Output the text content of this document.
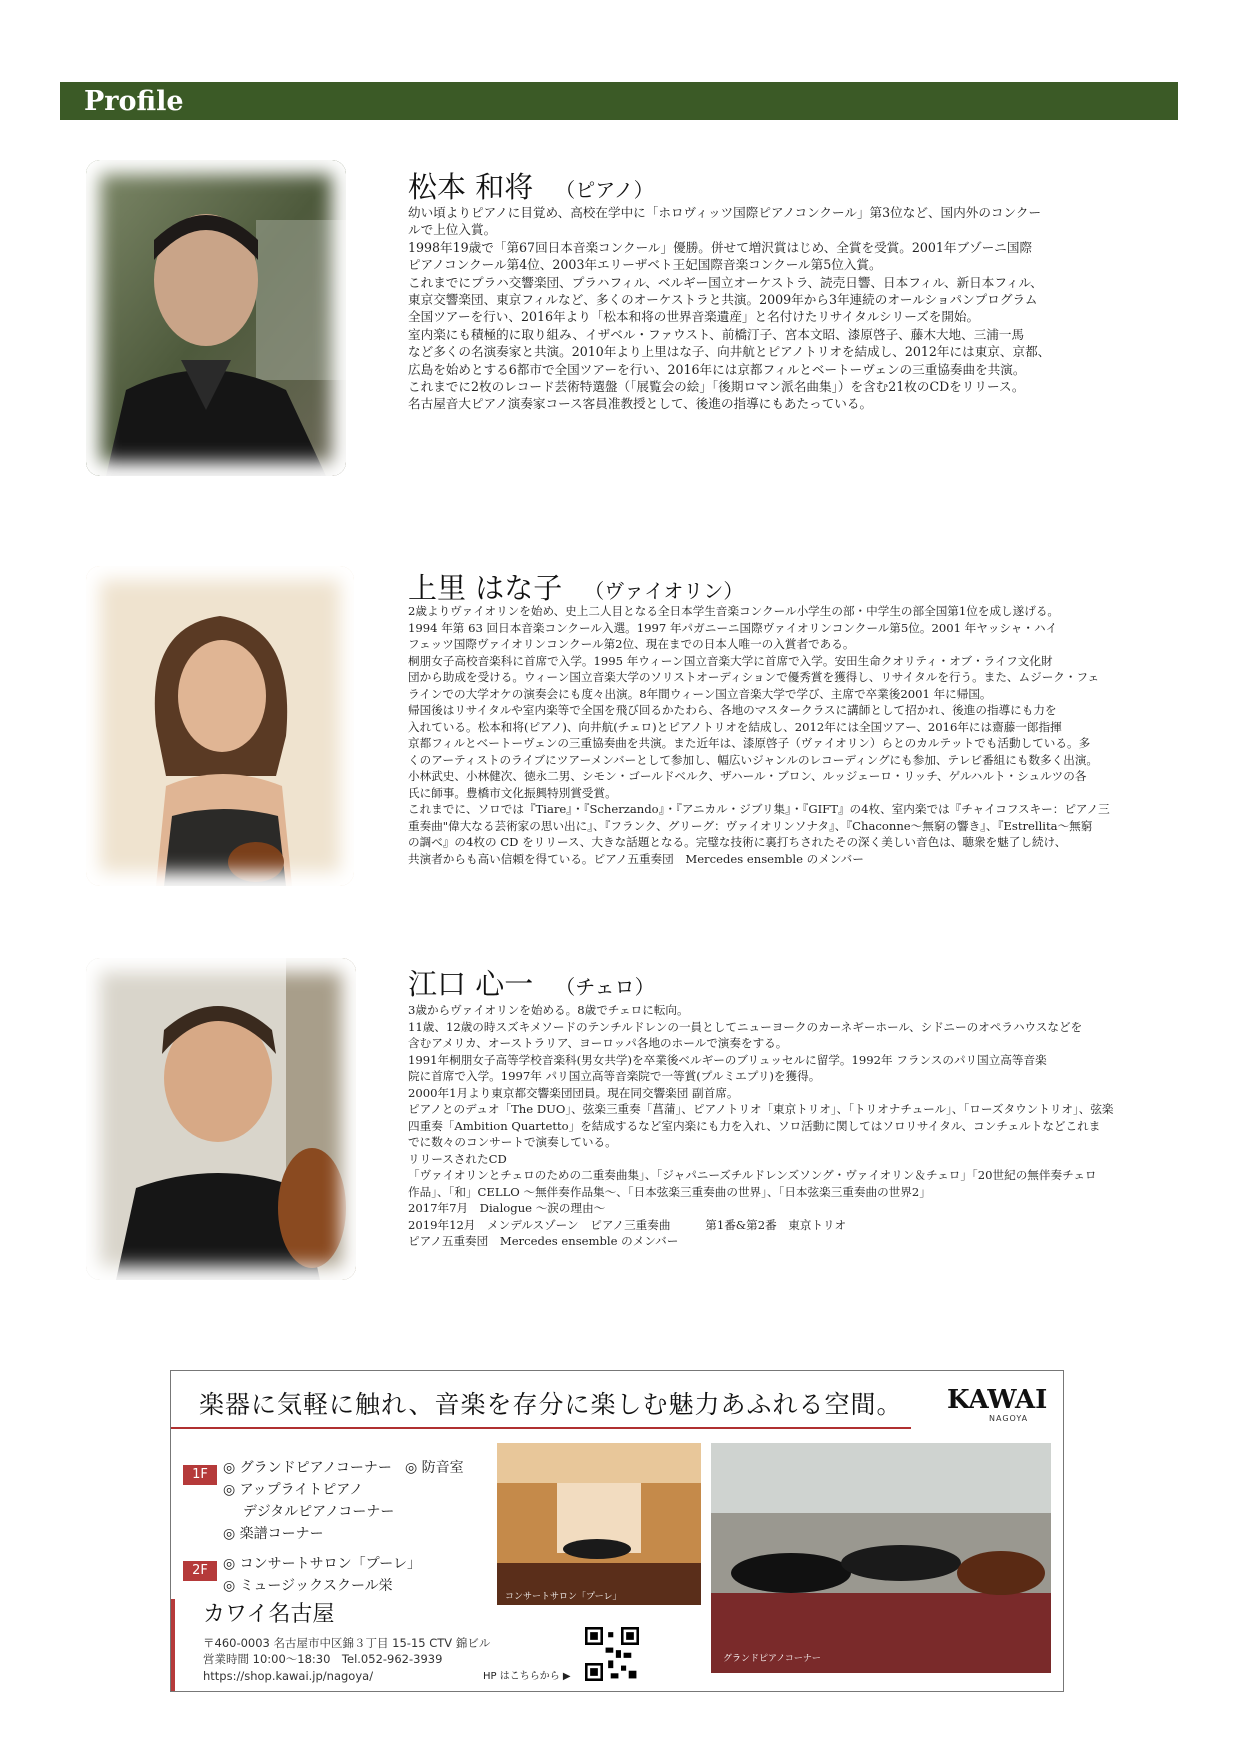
Profile
松本 和将 （ピアノ）
幼い頃よりピアノに目覚め、高校在学中に「ホロヴィッツ国際ピアノコンクール」第3位など、国内外のコンクー
ルで上位入賞。
1998年19歳で「第67回日本音楽コンクール」優勝。併せて増沢賞はじめ、全賞を受賞。2001年ブゾーニ国際
ピアノコンクール第4位、2003年エリーザベト王妃国際音楽コンクール第5位入賞。
これまでにプラハ交響楽団、プラハフィル、ベルギー国立オーケストラ、読売日響、日本フィル、新日本フィル、
東京交響楽団、東京フィルなど、多くのオーケストラと共演。2009年から3年連続のオールショパンプログラム
全国ツアーを行い、2016年より「松本和将の世界音楽遺産」と名付けたリサイタルシリーズを開始。
室内楽にも積極的に取り組み、イザベル・ファウスト、前橋汀子、宮本文昭、漆原啓子、藤木大地、三浦一馬
など多くの名演奏家と共演。2010年より上里はな子、向井航とピアノトリオを結成し、2012年には東京、京都、
広島を始めとする6都市で全国ツアーを行い、2016年には京都フィルとベートーヴェンの三重協奏曲を共演。
これまでに2枚のレコード芸術特選盤（「展覧会の絵」「後期ロマン派名曲集」）を含む21枚のCDをリリース。
名古屋音大ピアノ演奏家コース客員准教授として、後進の指導にもあたっている。
上里 はな子 （ヴァイオリン）
2歳よりヴァイオリンを始め、史上二人目となる全日本学生音楽コンクール小学生の部・中学生の部全国第1位を成し遂げる。
1994 年第 63 回日本音楽コンクール入選。1997 年パガニーニ国際ヴァイオリンコンクール第5位。2001 年ヤッシャ・ハイ
フェッツ国際ヴァイオリンコンクール第2位、現在までの日本人唯一の入賞者である。
桐朋女子高校音楽科に首席で入学。1995 年ウィーン国立音楽大学に首席で入学。安田生命クオリティ・オブ・ライフ文化財
団から助成を受ける。ウィーン国立音楽大学のソリストオーディションで優秀賞を獲得し、リサイタルを行う。また、ムジーク・フェ
ラインでの大学オケの演奏会にも度々出演。8年間ウィーン国立音楽大学で学び、主席で卒業後2001 年に帰国。
帰国後はリサイタルや室内楽等で全国を飛び回るかたわら、各地のマスタークラスに講師として招かれ、後進の指導にも力を
入れている。松本和将(ピアノ)、向井航(チェロ)とピアノトリオを結成し、2012年には全国ツアー、2016年には齋藤一郎指揮
京都フィルとベートーヴェンの三重協奏曲を共演。また近年は、漆原啓子（ヴァイオリン）らとのカルテットでも活動している。多
くのアーティストのライブにツアーメンバーとして参加し、幅広いジャンルのレコーディングにも参加、テレビ番組にも数多く出演。
小林武史、小林健次、徳永二男、シモン・ゴールドベルク、ザハール・ブロン、ルッジェーロ・リッチ、ゲルハルト・シュルツの各
氏に師事。豊橋市文化振興特別賞受賞。
これまでに、ソロでは『Tiare』・『Scherzando』・『アニカル・ジブリ集』・『GIFT』の4枚、室内楽では『チャイコフスキー：ピアノ三
重奏曲"偉大なる芸術家の思い出に』、『フランク、グリーグ：ヴァイオリンソナタ』、『Chaconne～無窮の響き』、『Estrellita～無窮
の調べ』の4枚の CD をリリース、大きな話題となる。完璧な技術に裏打ちされたその深く美しい音色は、聴衆を魅了し続け、
共演者からも高い信頼を得ている。ピアノ五重奏団　Mercedes ensemble のメンバー
江口 心一 （チェロ）
3歳からヴァイオリンを始める。8歳でチェロに転向。
11歳、12歳の時スズキメソードのテンチルドレンの一員としてニューヨークのカーネギーホール、シドニーのオペラハウスなどを
含むアメリカ、オーストラリア、ヨーロッパ各地のホールで演奏をする。
1991年桐朋女子高等学校音楽科(男女共学)を卒業後ベルギーのブリュッセルに留学。1992年 フランスのパリ国立高等音楽
院に首席で入学。1997年 パリ国立高等音楽院で一等賞(プルミエプリ)を獲得。
2000年1月より東京都交響楽団団員。現在同交響楽団 副首席。
ピアノとのデュオ「The DUO」、弦楽三重奏「菖蒲」、ピアノトリオ「東京トリオ」、「トリオナチュール」、「ローズタウントリオ」、弦楽
四重奏「Ambition Quartetto」を結成するなど室内楽にも力を入れ、ソロ活動に関してはソロリサイタル、コンチェルトなどこれま
でに数々のコンサートで演奏している。
リリースされたCD
「ヴァイオリンとチェロのための二重奏曲集」、「ジャパニーズチルドレンズソング・ヴァイオリン＆チェロ」「20世紀の無伴奏チェロ
作品」、「和」CELLO ～無伴奏作品集～、「日本弦楽三重奏曲の世界」、「日本弦楽三重奏曲の世界2」
2017年7月　Dialogue ～涙の理由～
2019年12月　メンデルスゾーン　ピアノ三重奏曲　　　第1番&第2番　東京トリオ
ピアノ五重奏団　Mercedes ensemble のメンバー
楽器に気軽に触れ、音楽を存分に楽しむ魅力あふれる空間。 KAWAI
NAGOYA
1F	◎ グランドピアノコーナー ◎ 防音室
◎ アップライトピアノ
デジタルピアノコーナー
◎ 楽譜コーナー
2F	◎ コンサートサロン「プーレ」
◎ ミュージックスクール栄
カワイ名古屋
〒460-0003 名古屋市中区錦３丁目 15-15 CTV 錦ビル
営業時間 10:00～18:30　Tel.052-962-3939
https://shop.kawai.jp/nagoya/
コンサートサロン「プーレ」
グランドピアノコーナー
HP はこちらから ▶
